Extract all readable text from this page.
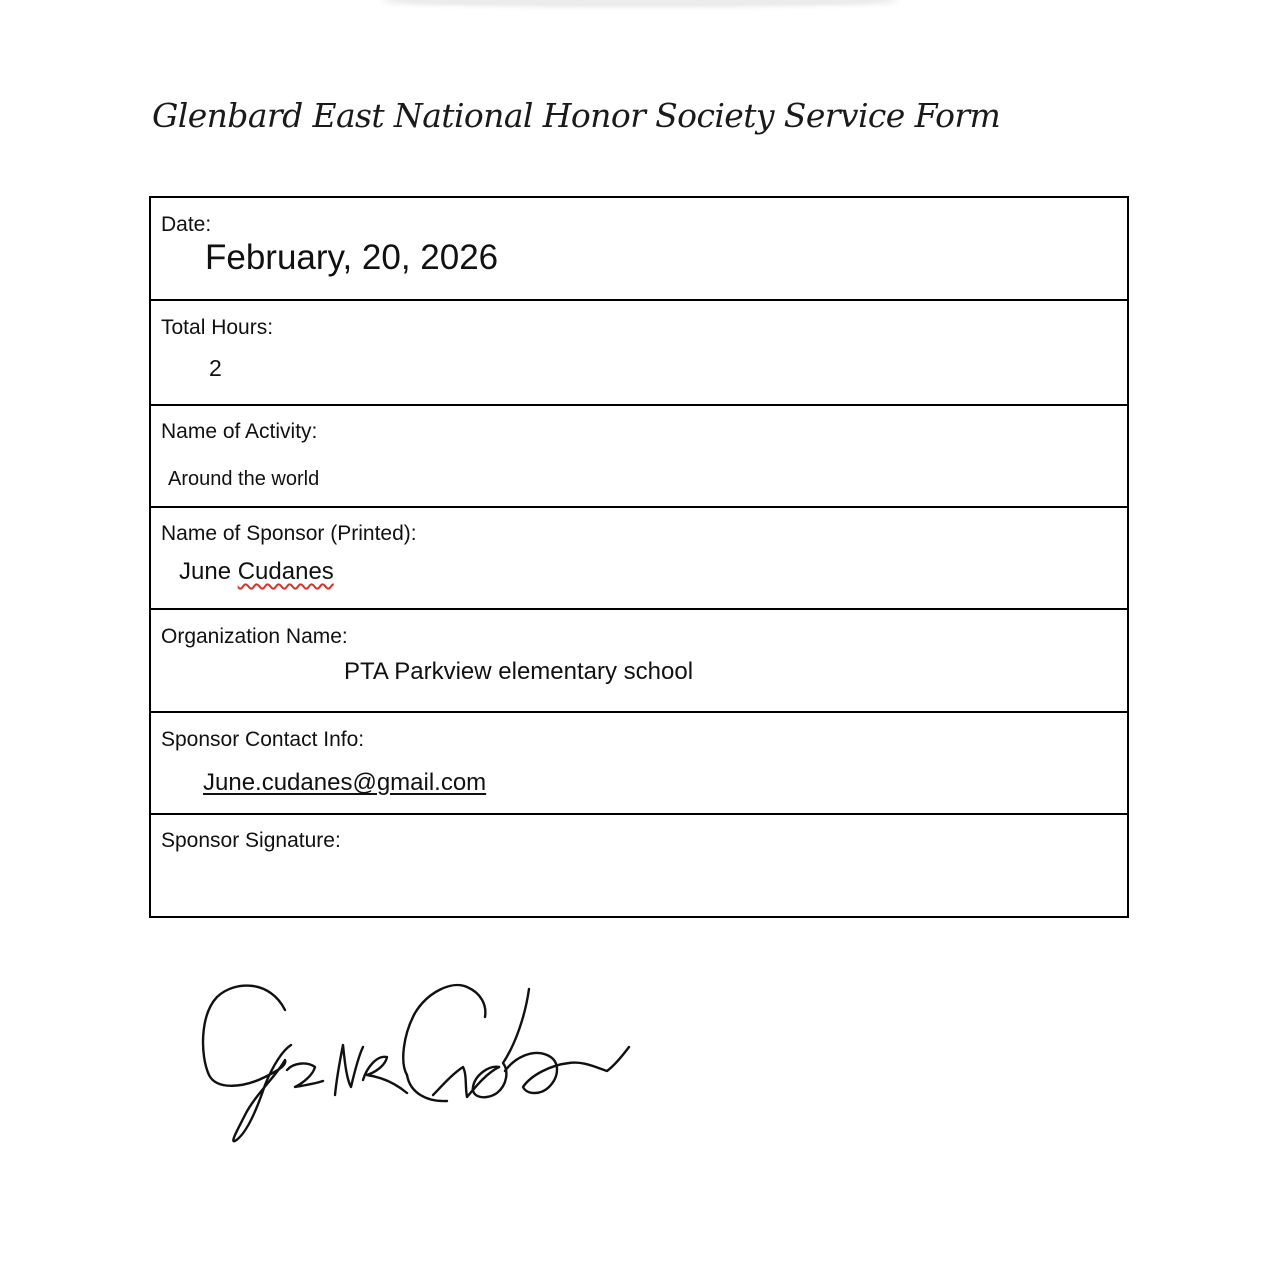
Glenbard East National Honor Society Service Form
Date:
February, 20, 2026
Total Hours:
2
Name of Activity:
Around the world
Name of Sponsor (Printed):
June Cudanes
Organization Name:
PTA Parkview elementary school
Sponsor Contact Info:
June.cudanes@gmail.com
Sponsor Signature:
